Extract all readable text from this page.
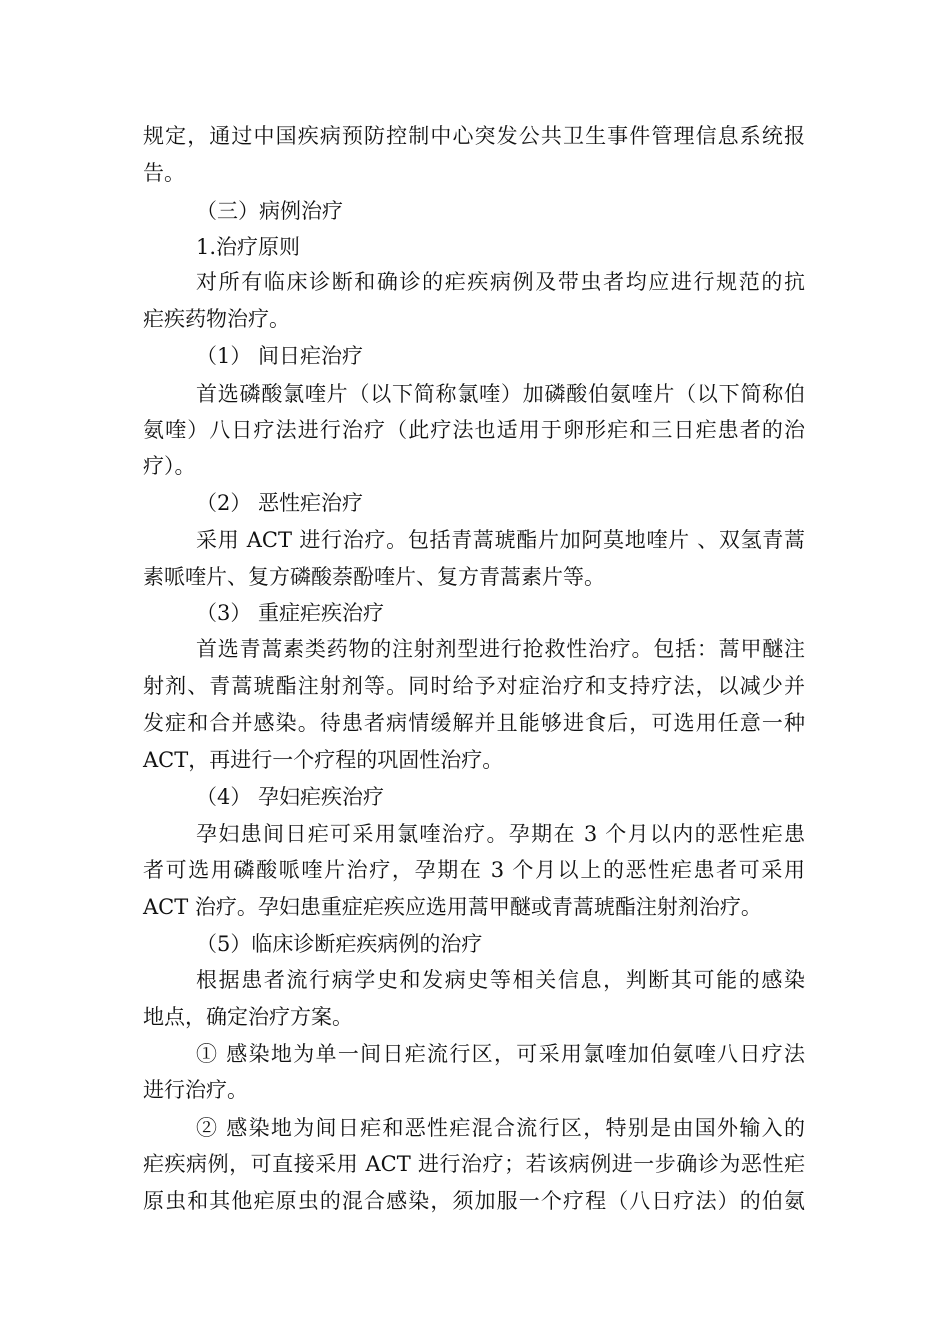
规定，通过中国疾病预防控制中心突发公共卫生事件管理信息系统报

告。

（三）病例治疗

1.治疗原则

对所有临床诊断和确诊的疟疾病例及带虫者均应进行规范的抗

疟疾药物治疗。

（1） 间日疟治疗

首选磷酸氯喹片（以下简称氯喹）加磷酸伯氨喹片（以下简称伯

氨喹）八日疗法进行治疗（此疗法也适用于卵形疟和三日疟患者的治

疗）。

（2） 恶性疟治疗

采用 ACT 进行治疗。包括青蒿琥酯片加阿莫地喹片 、双氢青蒿

素哌喹片、复方磷酸萘酚喹片、复方青蒿素片等。

（3） 重症疟疾治疗

首选青蒿素类药物的注射剂型进行抢救性治疗。包括：蒿甲醚注

射剂、青蒿琥酯注射剂等。同时给予对症治疗和支持疗法，以减少并

发症和合并感染。待患者病情缓解并且能够进食后，可选用任意一种

ACT，再进行一个疗程的巩固性治疗。

（4） 孕妇疟疾治疗

孕妇患间日疟可采用氯喹治疗。孕期在 3 个月以内的恶性疟患

者可选用磷酸哌喹片治疗，孕期在 3 个月以上的恶性疟患者可采用

ACT 治疗。孕妇患重症疟疾应选用蒿甲醚或青蒿琥酯注射剂治疗。

（5）临床诊断疟疾病例的治疗

根据患者流行病学史和发病史等相关信息，判断其可能的感染

地点，确定治疗方案。

① 感染地为单一间日疟流行区，可采用氯喹加伯氨喹八日疗法

进行治疗。

② 感染地为间日疟和恶性疟混合流行区，特别是由国外输入的

疟疾病例，可直接采用 ACT 进行治疗；若该病例进一步确诊为恶性疟

原虫和其他疟原虫的混合感染，须加服一个疗程（八日疗法）的伯氨
